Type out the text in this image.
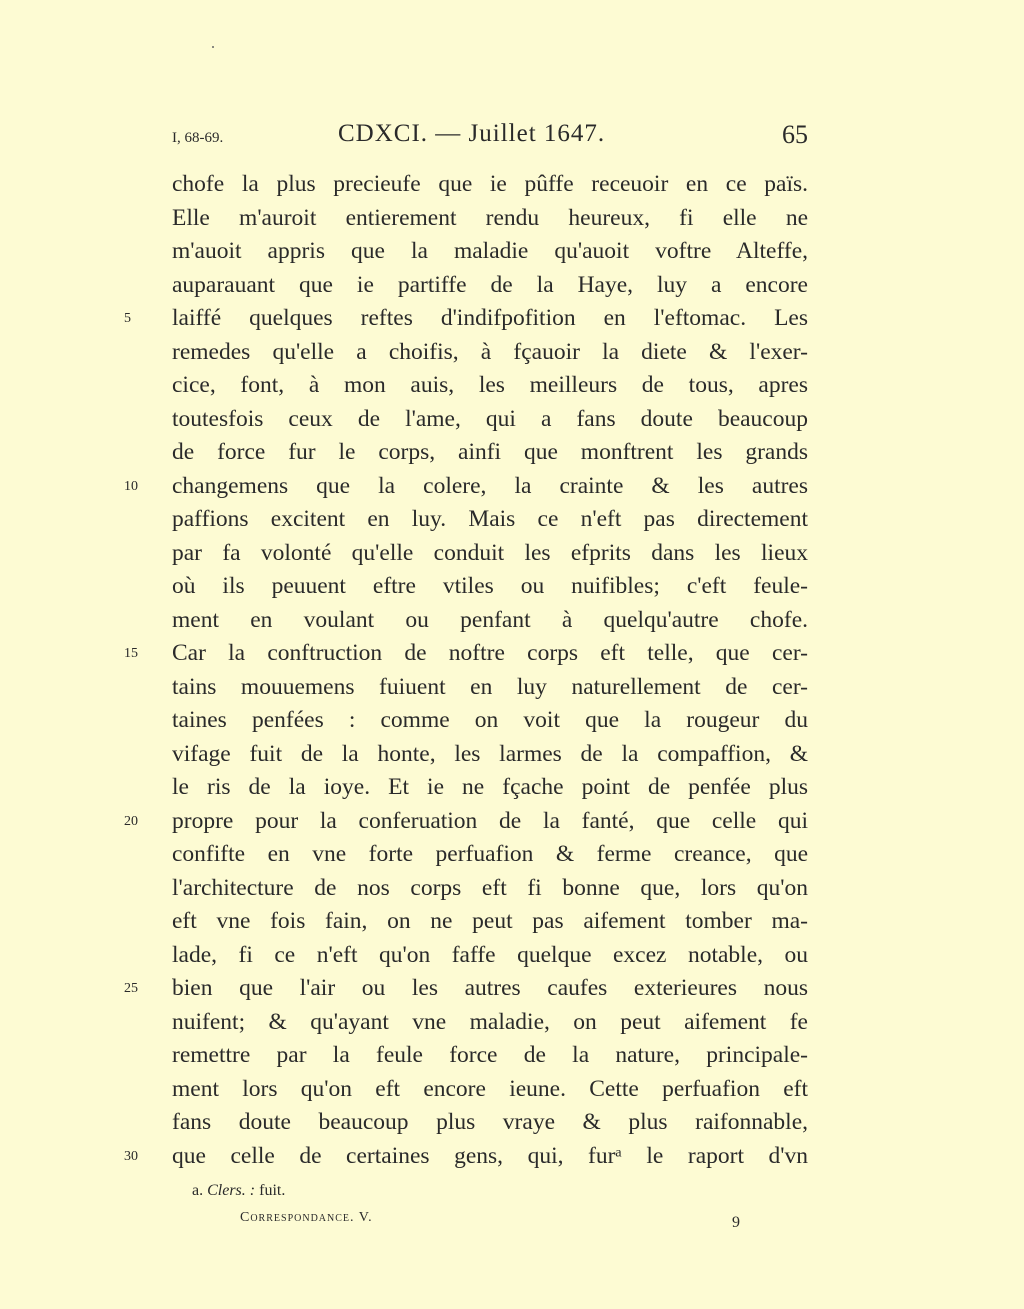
I, 68-69.	CDXCI. — Juillet 1647.	65
chofe la plus precieufe que ie pûffe receuoir en ce païs.
Elle m'auroit entierement rendu heureux, fi elle ne
m'auoit appris que la maladie qu'auoit voftre Alteffe,
auparauant que ie partiffe de la Haye, luy a encore
5	laiffé quelques reftes d'indifpofition en l'eftomac. Les
remedes qu'elle a choifis, à fçauoir la diete & l'exer-
cice, font, à mon auis, les meilleurs de tous, apres
toutesfois ceux de l'ame, qui a fans doute beaucoup
de force fur le corps, ainfi que monftrent les grands
10	changemens que la colere, la crainte & les autres
paffions excitent en luy. Mais ce n'eft pas directement
par fa volonté qu'elle conduit les efprits dans les lieux
où ils peuuent eftre vtiles ou nuifibles; c'eft feule-
ment en voulant ou penfant à quelqu'autre chofe.
15	Car la conftruction de noftre corps eft telle, que cer-
tains mouuemens fuiuent en luy naturellement de cer-
taines penfées : comme on voit que la rougeur du
vifage fuit de la honte, les larmes de la compaffion, &
le ris de la ioye. Et ie ne fçache point de penfée plus
20	propre pour la conferuation de la fanté, que celle qui
confifte en vne forte perfuafion & ferme creance, que
l'architecture de nos corps eft fi bonne que, lors qu'on
eft vne fois fain, on ne peut pas aifement tomber ma-
lade, fi ce n'eft qu'on faffe quelque excez notable, ou
25	bien que l'air ou les autres caufes exterieures nous
nuifent; & qu'ayant vne maladie, on peut aifement fe
remettre par la feule force de la nature, principale-
ment lors qu'on eft encore ieune. Cette perfuafion eft
fans doute beaucoup plus vraye & plus raifonnable,
30	que celle de certaines gens, qui, furᵃ le raport d'vn
a. Clers. : fuit.
Correspondance. V.	9
